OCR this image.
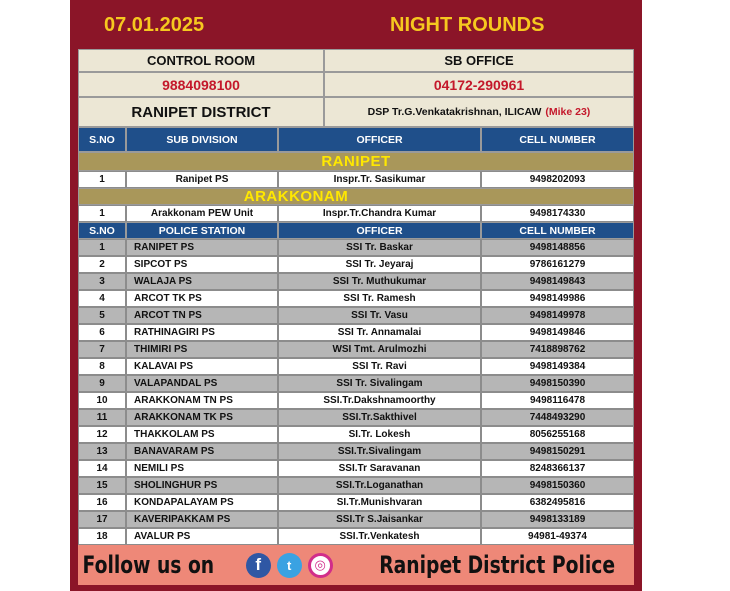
07.01.2025	NIGHT ROUNDS
CONTROL ROOM	SB OFFICE
9884098100	04172-290961
RANIPET DISTRICT	DSP Tr.G.Venkatakrishnan, ILICAW (Mike 23)
S.NO	SUB DIVISION	OFFICER	CELL NUMBER
RANIPET
1	Ranipet PS	Inspr.Tr. Sasikumar	9498202093
ARAKKONAM
1	Arakkonam PEW Unit	Inspr.Tr.Chandra Kumar	9498174330
S.NO	POLICE STATION	OFFICER	CELL NUMBER
1	RANIPET PS	SSI Tr. Baskar	9498148856
2	SIPCOT PS	SSI Tr. Jeyaraj	9786161279
3	WALAJA PS	SSI Tr. Muthukumar	9498149843
4	ARCOT TK PS	SSI Tr. Ramesh	9498149986
5	ARCOT TN PS	SSI Tr. Vasu	9498149978
6	RATHINAGIRI PS	SSI Tr. Annamalai	9498149846
7	THIMIRI PS	WSI Tmt. Arulmozhi	7418898762
8	KALAVAI PS	SSI Tr. Ravi	9498149384
9	VALAPANDAL PS	SSI Tr. Sivalingam	9498150390
10	ARAKKONAM TN PS	SSI.Tr.Dakshnamoorthy	9498116478
11	ARAKKONAM TK PS	SSI.Tr.Sakthivel	7448493290
12	THAKKOLAM PS	SI.Tr. Lokesh	8056255168
13	BANAVARAM PS	SSI.Tr.Sivalingam	9498150291
14	NEMILI PS	SSI.Tr Saravanan	8248366137
15	SHOLINGHUR PS	SSI.Tr.Loganathan	9498150360
16	KONDAPALAYAM PS	SI.Tr.Munishvaran	6382495816
17	KAVERIPAKKAM PS	SSI.Tr S.Jaisankar	9498133189
18	AVALUR PS	SSI.Tr.Venkatesh	94981-49374
Follow us on	f	t	◎ Ranipet District Police
